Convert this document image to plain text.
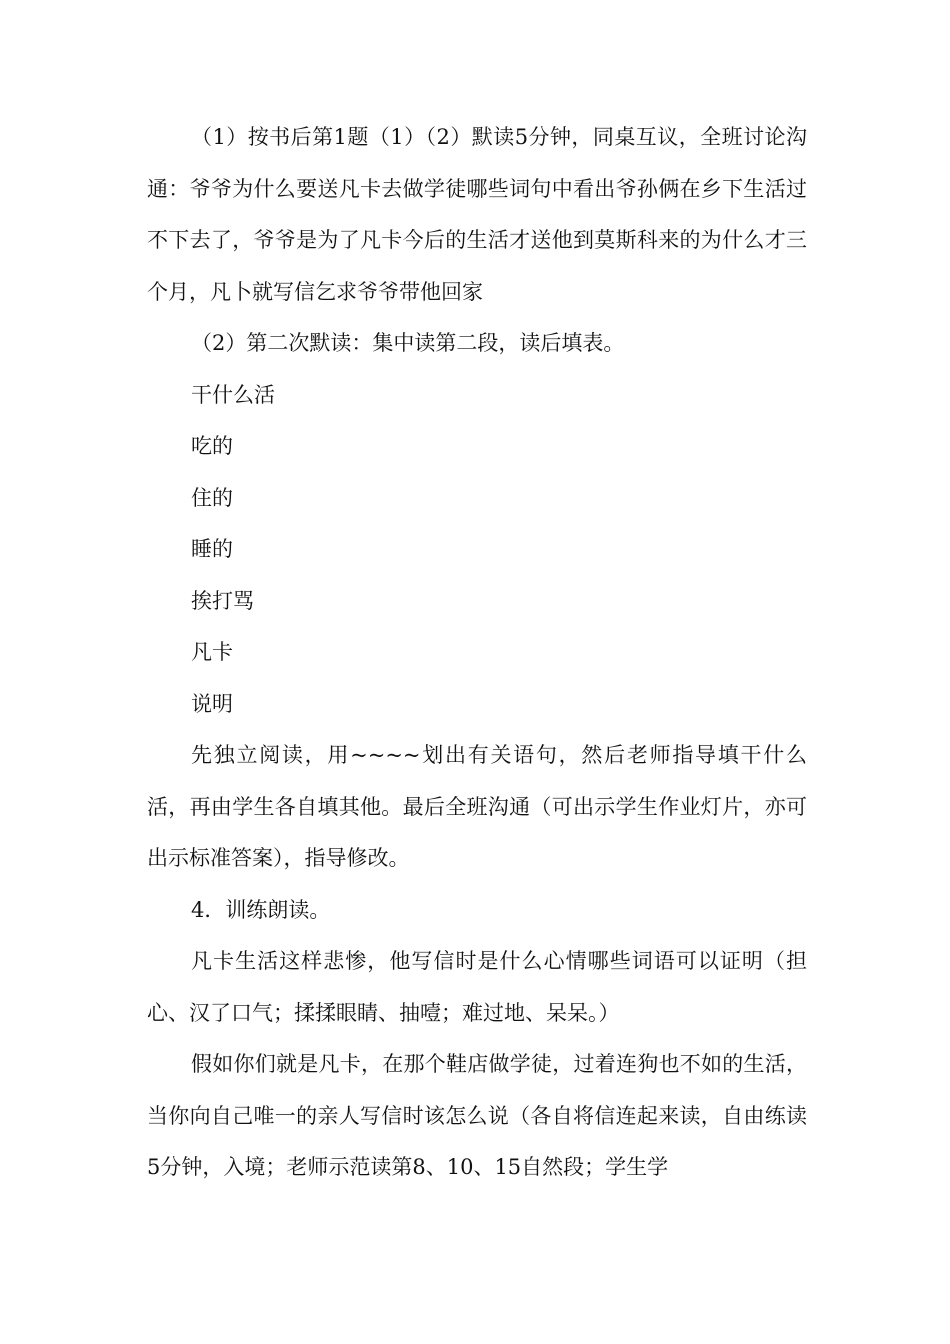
（1）按书后第1题（1）（2）默读5分钟，同桌互议，全班讨论沟通：爷爷为什么要送凡卡去做学徒哪些词句中看出爷孙俩在乡下生活过不下去了，爷爷是为了凡卡今后的生活才送他到莫斯科来的为什么才三个月，凡卜就写信乞求爷爷带他回家

（2）第二次默读：集中读第二段，读后填表。

干什么活

吃的

住的

睡的

挨打骂

凡卡

说明

先独立阅读，用~~~~划出有关语句，然后老师指导填干什么活，再由学生各自填其他。最后全班沟通（可出示学生作业灯片，亦可出示标准答案），指导修改。

4．训练朗读。

凡卡生活这样悲惨，他写信时是什么心情哪些词语可以证明（担心、汉了口气；揉揉眼睛、抽噎；难过地、呆呆。）

假如你们就是凡卡，在那个鞋店做学徒，过着连狗也不如的生活，当你向自己唯一的亲人写信时该怎么说（各自将信连起来读，自由练读5分钟，入境；老师示范读第8、10、15自然段；学生学
